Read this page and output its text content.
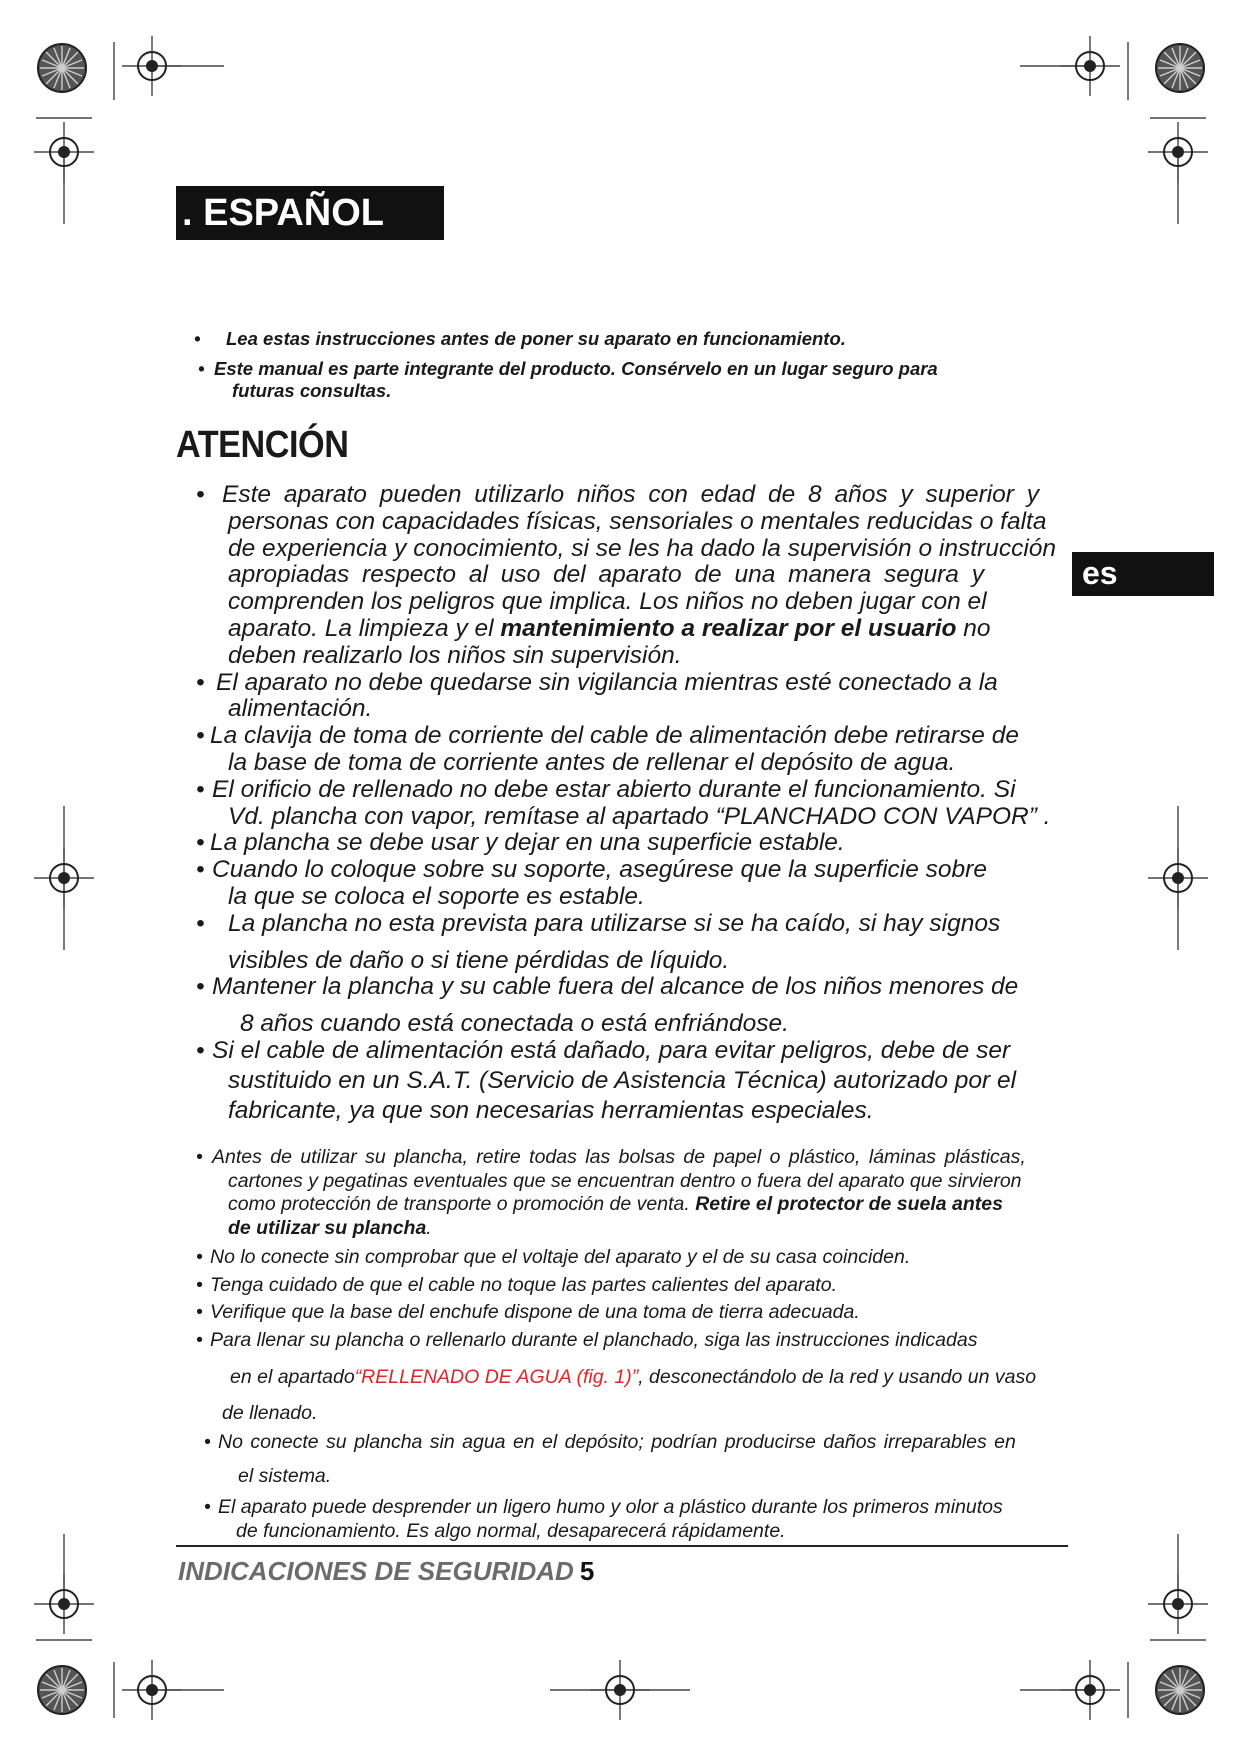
. ESPAÑOL
es
• Lea estas instrucciones antes de poner su aparato en funcionamiento.
• Este manual es parte integrante del producto. Consérvelo en un lugar seguro para
futuras consultas.
ATENCIÓN
• Este aparato pueden utilizarlo niños con edad de 8 años y superior y

personas con capacidades físicas, sensoriales o mentales reducidas o falta

de experiencia y conocimiento, si se les ha dado la supervisión o instrucción

apropiadas respecto al uso del aparato de una manera segura y

comprenden los peligros que implica. Los niños no deben jugar con el

aparato. La limpieza y el mantenimiento a realizar por el usuario no

deben realizarlo los niños sin supervisión.

• El aparato no debe quedarse sin vigilancia mientras esté conectado a la

alimentación.

• La clavija de toma de corriente del cable de alimentación debe retirarse de

la base de toma de corriente antes de rellenar el depósito de agua.

• El orificio de rellenado no debe estar abierto durante el funcionamiento. Si

Vd. plancha con vapor, remítase al apartado “PLANCHADO CON VAPOR” .

• La plancha se debe usar y dejar en una superficie estable.

• Cuando lo coloque sobre su soporte, asegúrese que la superficie sobre

la que se coloca el soporte es estable.

• La plancha no esta prevista para utilizarse si se ha caído, si hay signos

visibles de daño o si tiene pérdidas de líquido.

• Mantener la plancha y su cable fuera del alcance de los niños menores de

8 años cuando está conectada o está enfriándose.

• Si el cable de alimentación está dañado, para evitar peligros, debe de ser

sustituido en un S.A.T. (Servicio de Asistencia Técnica) autorizado por el

fabricante, ya que son necesarias herramientas especiales.

• Antes de utilizar su plancha, retire todas las bolsas de papel o plástico, láminas plásticas,
cartones y pegatinas eventuales que se encuentran dentro o fuera del aparato que sirvieron
como protección de transporte o promoción de venta. Retire el protector de suela antes
de utilizar su plancha.
• No lo conecte sin comprobar que el voltaje del aparato y el de su casa coinciden.
• Tenga cuidado de que el cable no toque las partes calientes del aparato.
• Verifique que la base del enchufe dispone de una toma de tierra adecuada.
• Para llenar su plancha o rellenarlo durante el planchado, siga las instrucciones indicadas
en el apartado“RELLENADO DE AGUA (fig. 1)”, desconectándolo de la red y usando un vaso
de llenado.
• No conecte su plancha sin agua en el depósito; podrían producirse daños irreparables en
el sistema.
• El aparato puede desprender un ligero humo y olor a plástico durante los primeros minutos
de funcionamiento. Es algo normal, desaparecerá rápidamente.
INDICACIONES DE SEGURIDAD 5
